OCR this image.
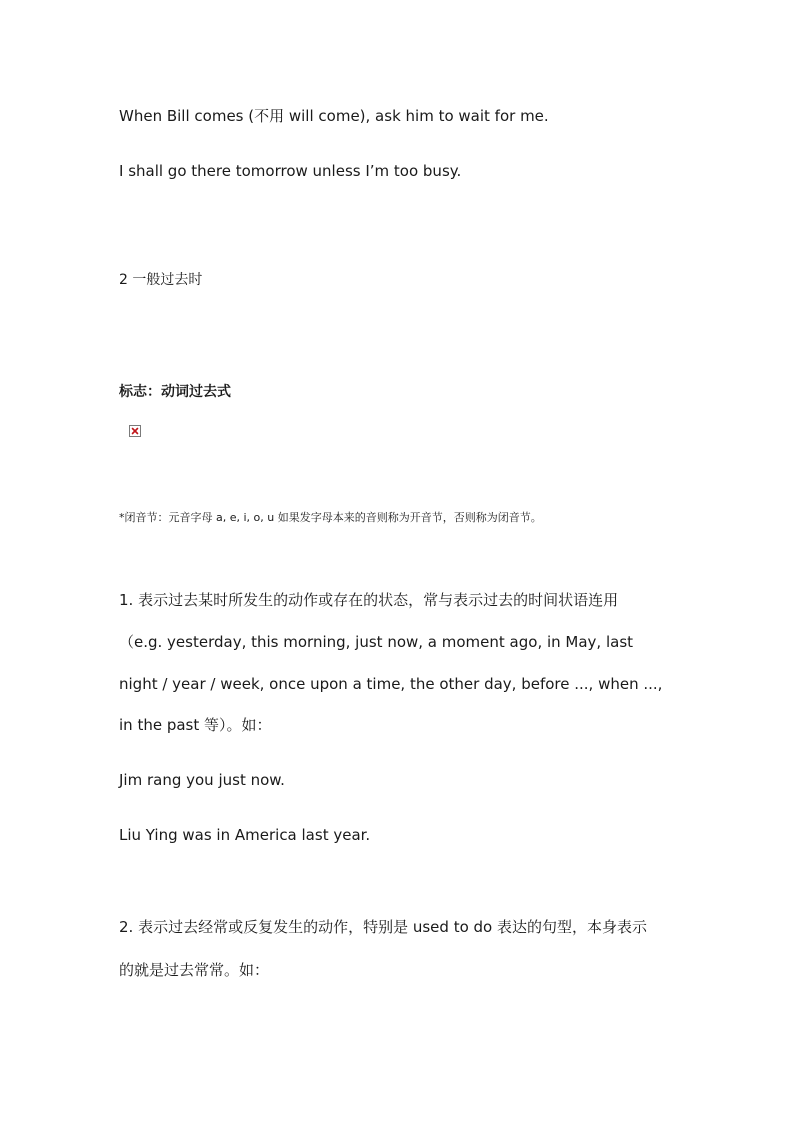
When Bill comes (不用 will come), ask him to wait for me.

I shall go there tomorrow unless I’m too busy.

2 一般过去时

标志：动词过去式

*闭音节：元音字母 a, e, i, o, u 如果发字母本来的音则称为开音节，否则称为闭音节。

1. 表示过去某时所发生的动作或存在的状态，常与表示过去的时间状语连用

（e.g. yesterday, this morning, just now, a moment ago, in May, last

night / year / week, once upon a time, the other day, before ..., when ...,

in the past 等）。如：

Jim rang you just now.

Liu Ying was in America last year.

2. 表示过去经常或反复发生的动作，特别是 used to do 表达的句型，本身表示

的就是过去常常。如：
